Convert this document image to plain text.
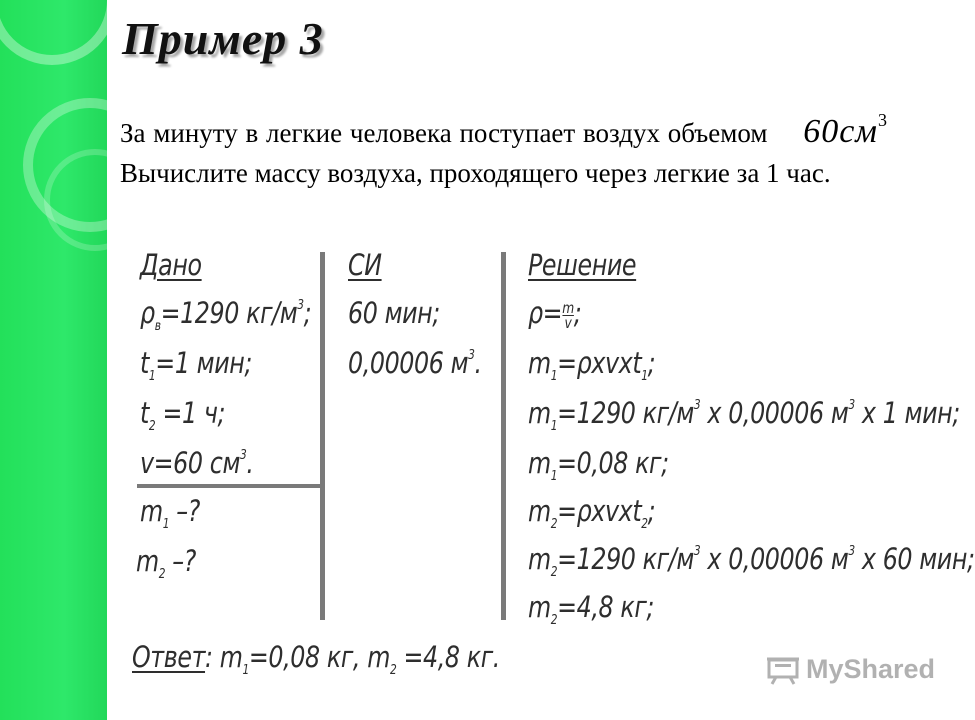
Пример 3
За минуту в легкие человека поступает воздух объемом $60см^3$ Вычислите массу воздуха, проходящего через легкие за 1 час.
Дано
$\rho_в=1290$ $кг/м^3$;
$t_1=1$ мин;
$t_2 =1$ ч;
v=60 $см^3$.
$m_1$ –?
$m_2$ –?
СИ
60 мин;
0,00006 $м^3$.
Решение
$\rho= \frac{m}{v}$ ;
$m_1=\rho xvxt_1$;
$m_1=1290$ $кг/м^3$ x 0,00006 $м^3$ x 1 мин;
$m_1=0,08$ кг;
$m_2=\rho xvxt_2$;
$m_2=1290$ $кг/м^3$ x 0,00006 $м^3$ x 60 мин;
$m_2=4,8$ кг;
Ответ: $m_1=0,08$ кг, $m_2 =4,8$ кг.	MyShared
